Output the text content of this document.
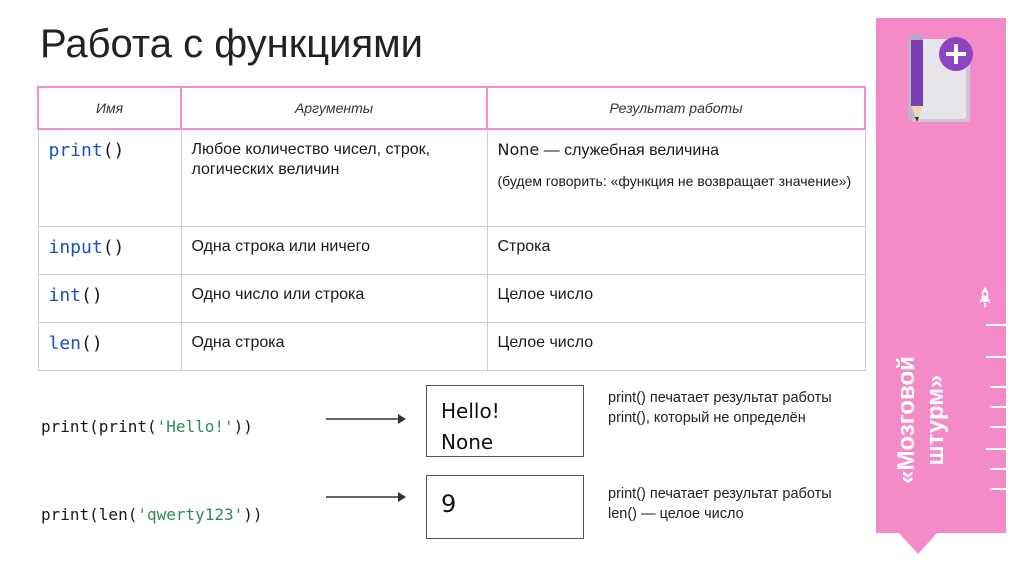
Работа с функциями
Имя	Аргументы	Результат работы
print()	Любое количество чисел, строк, логических величин	None — служебная величина
(будем говорить: «функция не возвращает значение»)

input()	Одна строка или ничего	Строка
int()	Одно число или строка	Целое число
len()	Одна строка	Целое число
print(print('Hello!'))
Hello!
None
print() печатает результат работы print(), который не определён
print(len('qwerty123'))	9	print() печатает результат работы len() — целое число
«Мозговой штурм»
